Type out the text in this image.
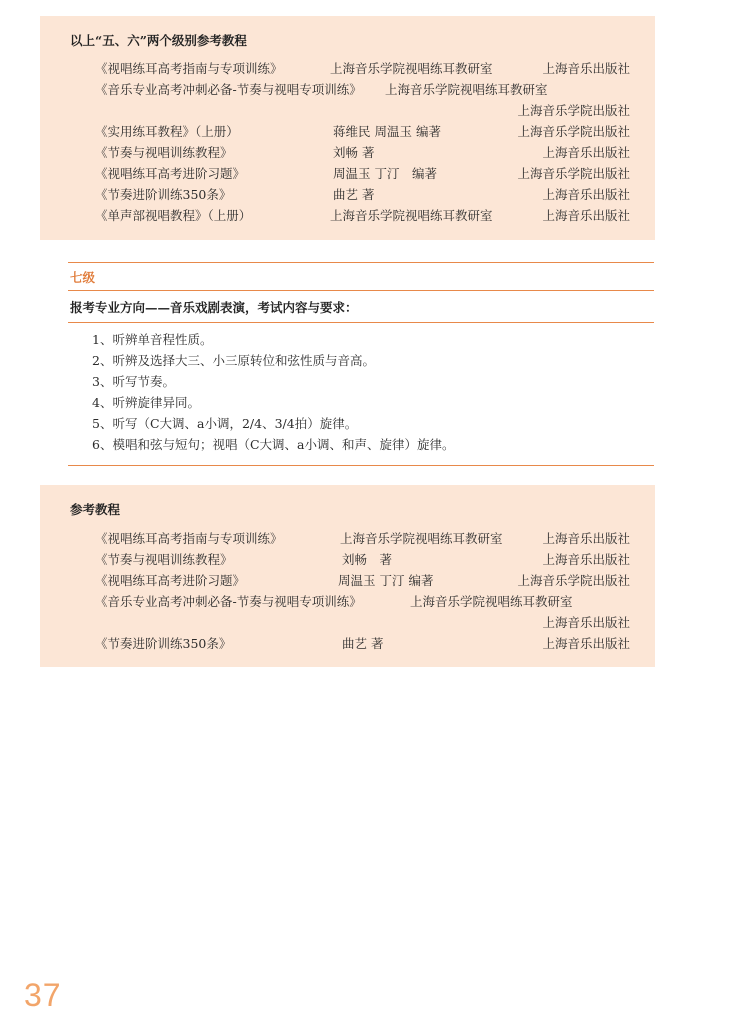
以上“五、六”两个级别参考教程
《视唱练耳高考指南与专项训练》	上海音乐学院视唱练耳教研室	上海音乐出版社
《音乐专业高考冲刺必备-节奏与视唱专项训练》 上海音乐学院视唱练耳教研室
上海音乐学院出版社
《实用练耳教程》（上册）	蒋维民 周温玉 编著	上海音乐学院出版社
《节奏与视唱训练教程》	刘畅 著	上海音乐出版社
《视唱练耳高考进阶习题》	周温玉 丁汀　编著	上海音乐学院出版社
《节奏进阶训练350条》	曲艺 著	上海音乐出版社
《单声部视唱教程》（上册）	上海音乐学院视唱练耳教研室	上海音乐出版社
七级
报考专业方向——音乐戏剧表演，考试内容与要求：
1、听辨单音程性质。
2、听辨及选择大三、小三原转位和弦性质与音高。
3、听写节奏。
4、听辨旋律异同。
5、听写（C大调、a小调，2/4、3/4拍）旋律。
6、模唱和弦与短句；视唱（C大调、a小调、和声、旋律）旋律。
参考教程
《视唱练耳高考指南与专项训练》	上海音乐学院视唱练耳教研室	上海音乐出版社
《节奏与视唱训练教程》	刘畅　著	上海音乐出版社
《视唱练耳高考进阶习题》	周温玉 丁汀 编著	上海音乐学院出版社
《音乐专业高考冲刺必备-节奏与视唱专项训练》	上海音乐学院视唱练耳教研室
上海音乐出版社
《节奏进阶训练350条》	曲艺 著	上海音乐出版社
37
